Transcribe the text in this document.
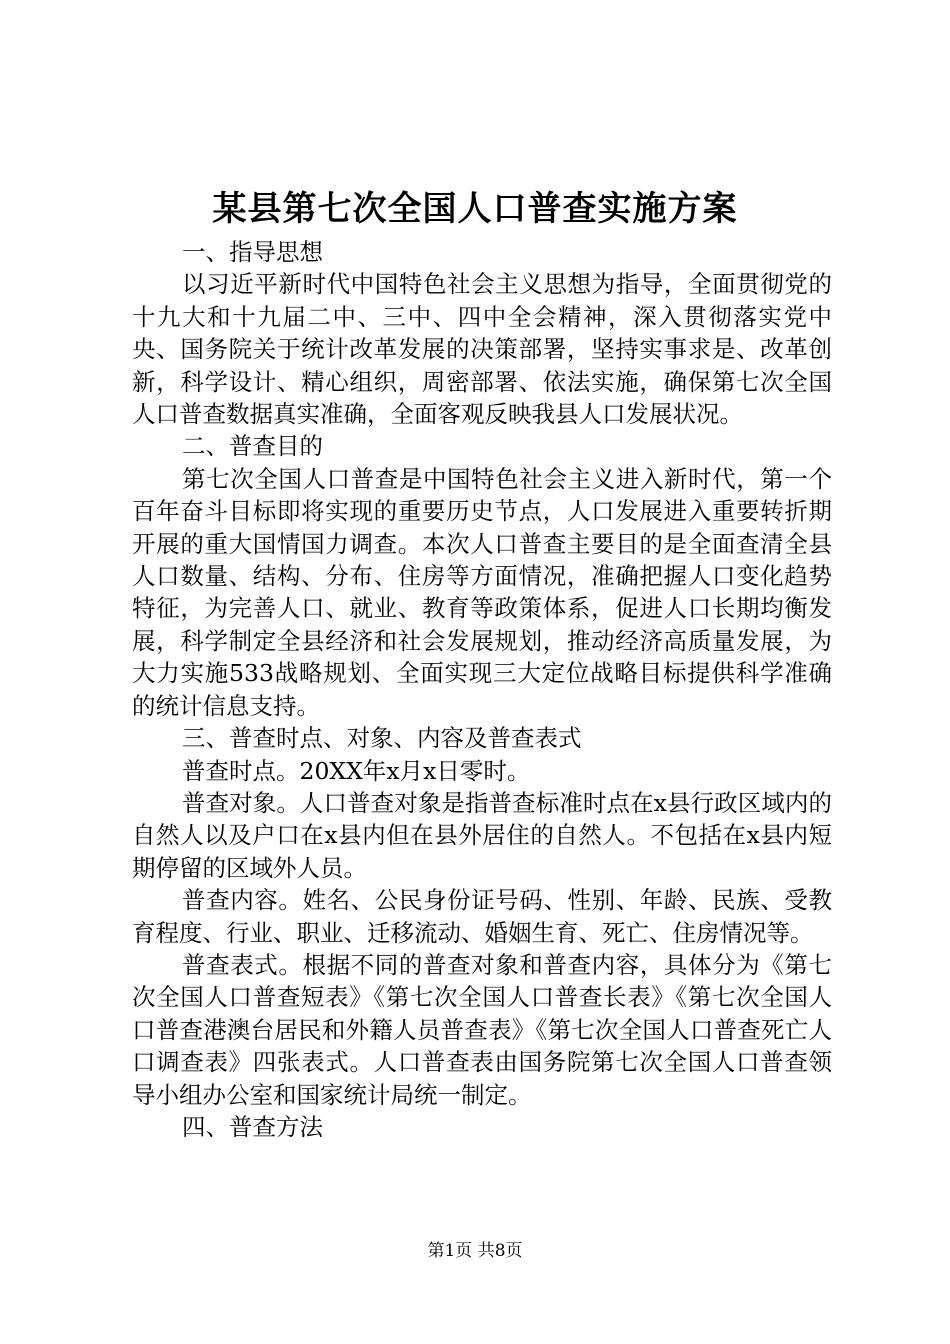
某县第七次全国人口普查实施方案

一、指导思想

以习近平新时代中国特色社会主义思想为指导，全面贯彻党的十九大和十九届二中、三中、四中全会精神，深入贯彻落实党中央、国务院关于统计改革发展的决策部署，坚持实事求是、改革创新，科学设计、精心组织，周密部署、依法实施，确保第七次全国人口普查数据真实准确，全面客观反映我县人口发展状况。

二、普查目的

第七次全国人口普查是中国特色社会主义进入新时代，第一个百年奋斗目标即将实现的重要历史节点，人口发展进入重要转折期开展的重大国情国力调查。本次人口普查主要目的是全面查清全县人口数量、结构、分布、住房等方面情况，准确把握人口变化趋势特征，为完善人口、就业、教育等政策体系，促进人口长期均衡发展，科学制定全县经济和社会发展规划，推动经济高质量发展，为大力实施533战略规划、全面实现三大定位战略目标提供科学准确的统计信息支持。

三、普查时点、对象、内容及普查表式

普查时点。20XX年x月x日零时。

普查对象。人口普查对象是指普查标准时点在x县行政区域内的自然人以及户口在x县内但在县外居住的自然人。不包括在x县内短期停留的区域外人员。

普查内容。姓名、公民身份证号码、性别、年龄、民族、受教育程度、行业、职业、迁移流动、婚姻生育、死亡、住房情况等。

普查表式。根据不同的普查对象和普查内容，具体分为《第七次全国人口普查短表》《第七次全国人口普查长表》《第七次全国人口普查港澳台居民和外籍人员普查表》《第七次全国人口普查死亡人口调查表》四张表式。人口普查表由国务院第七次全国人口普查领导小组办公室和国家统计局统一制定。

四、普查方法

第1页 共8页
